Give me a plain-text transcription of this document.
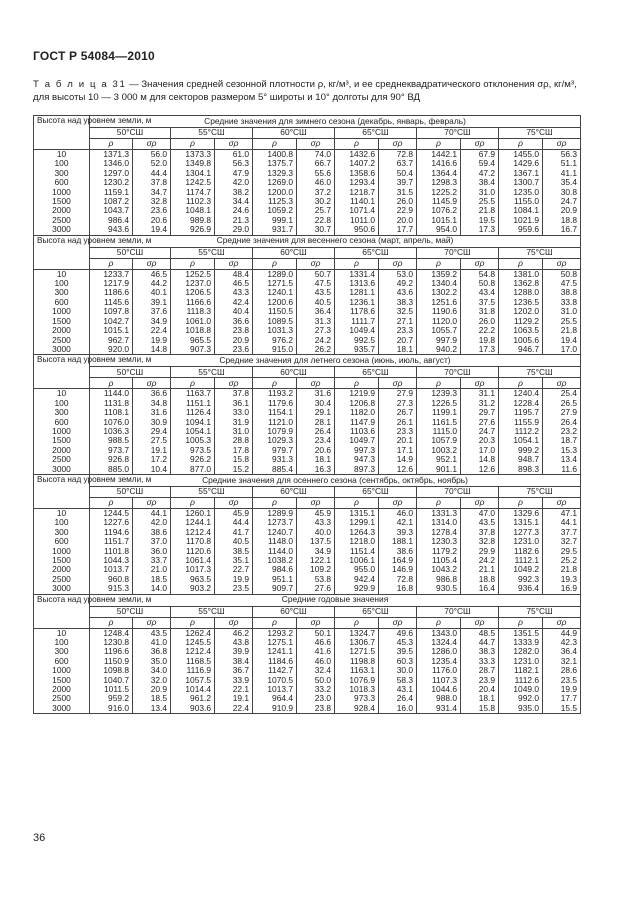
ГОСТ Р 54084—2010
Т а б л и ц а 31 — Значения средней сезонной плотности ρ, кг/м³, и ее среднеквадратического отклонения σρ, кг/м³,
для высоты 10 — 3 000 м для секторов размером 5° широты и 10° долготы для 90° ВД
Высота над уровнем земли, м	Средние значения для зимнего сезона (декабрь, январь, февраль)											
	50°СШ		55°СШ		60°СШ		65°СШ		70°СШ		75°СШ	
	ρ	σρ	ρ	σρ	ρ	σρ	ρ	σρ	ρ	σρ	ρ	σρ
10	1371.3	56.0	1373.3	61.0	1400.8	74.0	1432.6	72.8	1442.1	67.9	1455.0	56.3
100	1346.0	52.0	1349.8	56.3	1375.7	66.7	1407.2	63.7	1416.6	59.4	1429.6	51.1
300	1297.0	44.4	1304.1	47.9	1329.3	55.6	1358.6	50.4	1364.4	47.2	1367.1	41.1
600	1230.2	37.8	1242.5	42.0	1269.0	46.0	1293.4	39.7	1298.3	38.4	1300.7	35.4
1000	1159.1	34.7	1174.7	38.2	1200.0	37.2	1218.7	31.5	1225.2	31.0	1235.0	30.8
1500	1087.2	32.8	1102.3	34.4	1125.3	30.2	1140.1	26.0	1145.9	25.5	1155.0	24.7
2000	1043.7	23.6	1048.1	24.6	1059.2	25.7	1071.4	22.9	1076.2	21.8	1084.1	20.9
2500	986.4	20.6	989.8	21.3	999.1	22.8	1011.0	20.0	1015.1	19.5	1021.9	18.8
3000	943.6	19.4	926.9	29.0	931.7	30.7	950.6	17.7	954.0	17.3	959.6	16.7
Высота над уровнем земли, м	Средние значения для весеннего сезона (март, апрель, май)											
	50°СШ		55°СШ		60°СШ		65°СШ		70°СШ		75°СШ	
	ρ	σρ	ρ	σρ	ρ	σρ	ρ	σρ	ρ	σρ	ρ	σρ
10	1233.7	46.5	1252.5	48.4	1289.0	50.7	1331.4	53.0	1359.2	54.8	1381.0	50.8
100	1217.9	44.2	1237.0	46.5	1271.5	47.5	1313.6	49.2	1340.4	50.8	1362.8	47.5
300	1186.6	40.1	1206.5	43.3	1240.1	43.5	1281.1	43.6	1302.2	43.4	1288.0	38.8
600	1145.6	39.1	1166.6	42.4	1200.6	40.5	1236.1	38.3	1251.6	37.5	1236.5	33.8
1000	1097.8	37.6	1118.3	40.4	1150.5	36.4	1178.6	32.5	1190.6	31.8	1202.0	31.0
1500	1042.7	34.9	1061.0	36.6	1089.5	31.3	1111.7	27.1	1120.0	26.0	1129.2	25.5
2000	1015.1	22.4	1018.8	23.8	1031.3	27.3	1049.4	23.3	1055.7	22.2	1063.5	21.8
2500	962.7	19.9	965.5	20.9	976.2	24.2	992.5	20.7	997.9	19.8	1005.6	19.4
3000	920.0	14.8	907.3	23.6	915.0	26.2	935.7	18.1	940.2	17.3	946.7	17.0
Высота над уровнем земли, м	Средние значения для летнего сезона (июнь, июль, август)											
	50°СШ		55°СШ		60°СШ		65°СШ		70°СШ		75°СШ	
	ρ	σρ	ρ	σρ	ρ	σρ	ρ	σρ	ρ	σρ	ρ	σρ
10	1144.0	36.6	1163.7	37.8	1193.2	31.6	1219.9	27.9	1239.3	31.1	1240.4	25.4
100	1131.8	34.8	1151.1	36.1	1179.6	30.4	1206.8	27.3	1226.5	31.2	1228.4	26.5
300	1108.1	31.6	1126.4	33.0	1154.1	29.1	1182.0	26.7	1199.1	29.7	1195.7	27.9
600	1076.0	30.9	1094.1	31.9	1121.0	28.1	1147.9	26.1	1161.5	27.6	1155.9	26.4
1000	1036.3	29.4	1054.1	31.0	1079.9	26.4	1103.6	23.3	1115.0	24.7	1112.2	23.2
1500	988.5	27.5	1005.3	28.8	1029.3	23.4	1049.7	20.1	1057.9	20.3	1054.1	18.7
2000	973.7	19.1	973.5	17.8	979.7	20.6	997.3	17.1	1003.2	17.0	999.2	15.3
2500	926.8	17.2	926.2	15.8	931.3	18.1	947.3	14.9	952.1	14.8	948.7	13.4
3000	885.0	10.4	877.0	15.2	885.4	16.3	897.3	12.6	901.1	12.6	898.3	11.6
Высота над уровнем земли, м	Средние значения для осеннего сезона (сентябрь, октябрь, ноябрь)											
	50°СШ		55°СШ		60°СШ		65°СШ		70°СШ		75°СШ	
	ρ	σρ	ρ	σρ	ρ	σρ	ρ	σρ	ρ	σρ	ρ	σρ
10	1244.5	44.1	1260.1	45.9	1289.9	45.9	1315.1	46.0	1331.3	47.0	1329.6	47.1
100	1227.6	42.0	1244.1	44.4	1273.7	43.3	1299.1	42.1	1314.0	43.5	1315.1	44.1
300	1194.6	38.6	1212.4	41.7	1240.7	40.0	1264.3	39.3	1278.4	37.8	1277.3	37.7
600	1151.7	37.0	1170.8	40.5	1148.0	137.5	1218.0	188.1	1230.3	32.8	1231.0	32.7
1000	1101.8	36.0	1120.6	38.5	1144.0	34.9	1151.4	38.6	1179.2	29.9	1182.6	29.5
1500	1044.3	33.7	1061.4	35.1	1038.2	122.1	1006.1	164.9	1105.4	24.2	1112.1	25.2
2000	1013.7	21.0	1017.3	22.7	984.6	109.2	955.0	146.9	1043.2	21.1	1049.2	21.8
2500	960.8	18.5	963.5	19.9	951.1	53.8	942.4	72.8	986.8	18.8	992.3	19.3
3000	915.3	14.0	903.2	23.5	909.7	27.6	929.9	16.8	930.5	16.4	936.4	16.9
Высота над уровнем земли, м	Средние годовые значения											
	50°СШ		55°СШ		60°СШ		65°СШ		70°СШ		75°СШ	
	ρ	σρ	ρ	σρ	ρ	σρ	ρ	σρ	ρ	σρ	ρ	σρ
10	1248.4	43.5	1262.4	46.2	1293.2	50.1	1324.7	49.6	1343.0	48.5	1351.5	44.9
100	1230.8	41.0	1245.5	43.8	1275.1	46.6	1306.7	45.3	1324.4	44.7	1333.9	42.3
300	1196.6	36.8	1212.4	39.9	1241.1	41.6	1271.5	39.5	1286.0	38.3	1282.0	36.4
600	1150.9	35.0	1168.5	38.4	1184.6	46.0	1198.8	60.3	1235.4	33.3	1231.0	32.1
1000	1098.8	34.0	1116.9	36.7	1142.7	32.4	1163.1	30.0	1176.0	28.7	1182.1	28.6
1500	1040.7	32.0	1057.5	33.9	1070.5	50.0	1076.9	58.3	1107.3	23.9	1112.6	23.5
2000	1011.5	20.9	1014.4	22.1	1013.7	33.2	1018.3	43.1	1044.6	20.4	1049.0	19.9
2500	959.2	18.5	961.2	19.1	964.4	23.0	973.3	26.4	988.0	18.1	992.0	17.7
3000	916.0	13.4	903.6	22.4	910.9	23.8	928.4	16.0	931.4	15.8	935.0	15.5
36
